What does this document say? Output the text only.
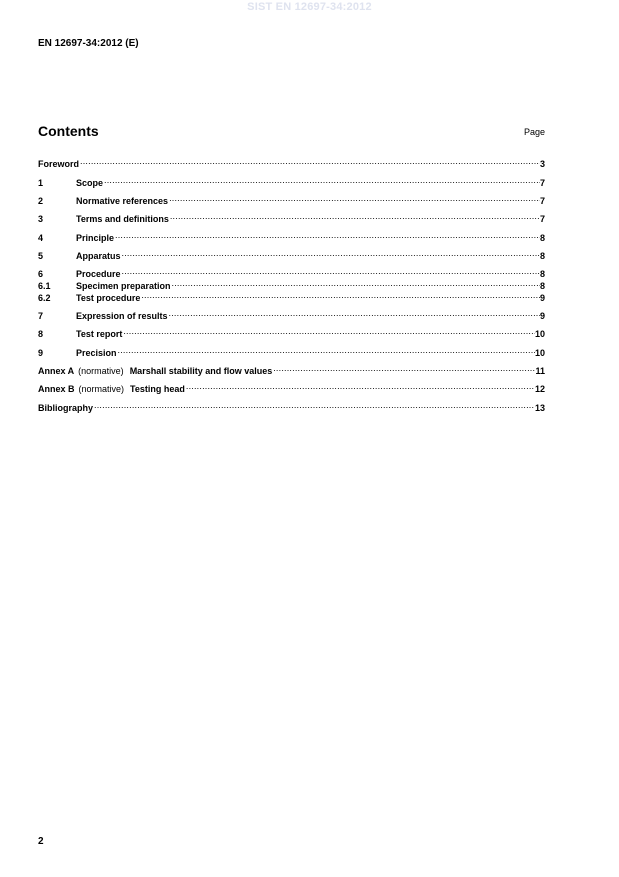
SIST EN 12697-34:2012
EN 12697-34:2012 (E)
Contents	Page
Foreword .....	3
1	Scope .....	7
2	Normative references .....	7
3	Terms and definitions .....	7
4	Principle .....	8
5	Apparatus .....	8
6	Procedure .....	8
6.1	Specimen preparation .....	8
6.2	Test procedure .....	9
7	Expression of results .....	9
8	Test report .....	10
9	Precision .....	10
Annex A (normative) Marshall stability and flow values .....	11
Annex B (normative) Testing head .....	12
Bibliography .....	13
2
